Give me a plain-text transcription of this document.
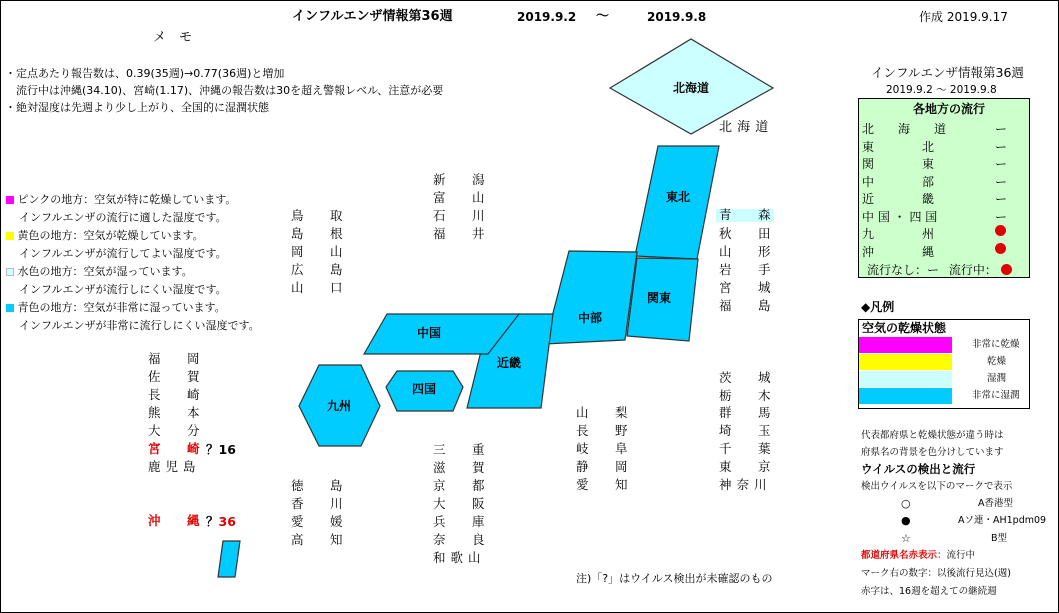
インフルエンザ情報第36週	2019.9.2 ～	2019.9.8	作成 2019.9.17
メ　モ
・定点あたり報告数は、0.39(35週)→0.77(36週)と増加
　流行中は沖縄(34.10)、宮崎(1.17)、沖縄の報告数は30を超え警報レベル、注意が必要
・絶対湿度は先週より少し上がり、全国的に湿潤状態
ピンクの地方：空気が特に乾燥しています。
インフルエンザの流行に適した湿度です。
黄色の地方：空気が乾燥しています。
インフルエンザが流行してよい湿度です。
水色の地方：空気が湿っています。
インフルエンザが流行しにくい湿度です。
青色の地方：空気が非常に湿っています。
インフルエンザが非常に流行しにくい湿度です。
北海道
東北
関東
中部
近畿
中国
四国
九州
北 海 道
青　　森
秋　　田
山　　形
岩　　手
宮　　城
福　　島
茨　　城
栃　　木
群　　馬
埼　　玉
千　　葉
東　　京
神 奈 川
新　　潟
富　　山
石　　川
福　　井
鳥　　取
島　　根
岡　　山
広　　島
山　　口
福　　岡
佐　　賀
長　　崎
熊　　本
大　　分
宮　　崎 ？16
鹿 児 島
沖　　縄 ？36
徳　　島
香　　川
愛　　媛
高　　知
三　　重
滋　　賀
京　　都
大　　阪
兵　　庫
奈　　良
和 歌 山
山　　梨
長　　野
岐　　阜
静　　岡
愛　　知
注)「?」はウイルス検出が未確認のもの
インフルエンザ情報第36週
2019.9.2 ～ 2019.9.8
各地方の流行
北　　海　　道	ー
東　　　　北	ー
関　　　　東	ー
中　　　　部	ー
近　　　　畿	ー
中 国 ・ 四 国	ー
九　　　　州
沖　　　　縄
流行なし：ー 流行中：
◆凡例
空気の乾燥状態
非常に乾燥
乾燥
湿潤
非常に湿潤
代表都府県と乾燥状態が違う時は
府県名の背景を色分けしています
ウイルスの検出と流行
検出ウイルスを以下のマークで表示
○	A香港型
●	Aソ連・AH1pdm09
☆	B型
都道府県名赤表示：流行中
マーク右の数字：以後流行見込(週)
赤字は、16週を超えての継続週
